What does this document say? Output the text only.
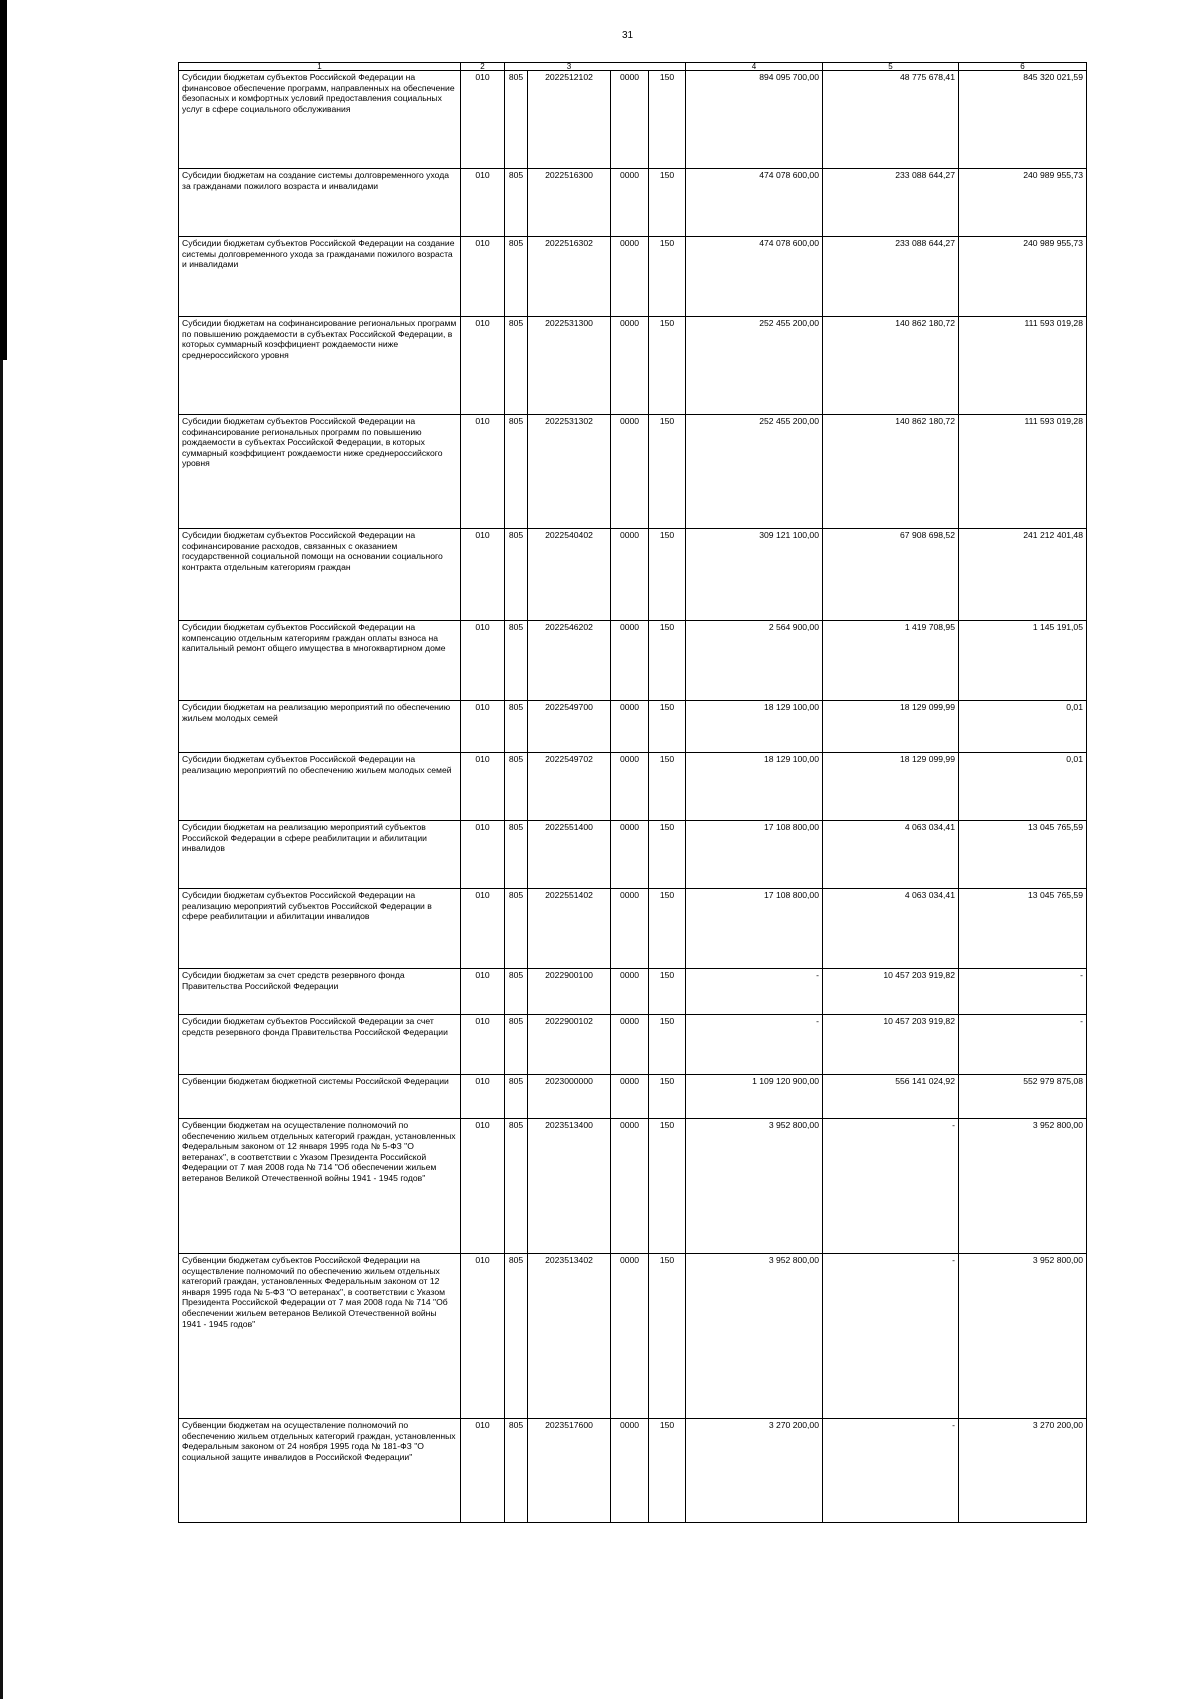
31
1	2		3			4	5	6
Субсидии бюджетам субъектов Российской Федерации на финансовое обеспечение программ, направленных на обеспечение безопасных и комфортных условий предоставления социальных услуг в сфере социального обслуживания	010	805	2022512102	0000	150	894 095 700,00	48 775 678,41	845 320 021,59
Субсидии бюджетам на создание системы долговременного ухода за гражданами пожилого возраста и инвалидами	010	805	2022516300	0000	150	474 078 600,00	233 088 644,27	240 989 955,73
Субсидии бюджетам субъектов Российской Федерации на создание системы долговременного ухода за гражданами пожилого возраста и инвалидами	010	805	2022516302	0000	150	474 078 600,00	233 088 644,27	240 989 955,73
Субсидии бюджетам на софинансирование региональных программ по повышению рождаемости в субъектах Российской Федерации, в которых суммарный коэффициент рождаемости ниже среднероссийского уровня	010	805	2022531300	0000	150	252 455 200,00	140 862 180,72	111 593 019,28
Субсидии бюджетам субъектов Российской Федерации на софинансирование региональных программ по повышению рождаемости в субъектах Российской Федерации, в которых суммарный коэффициент рождаемости ниже среднероссийского уровня	010	805	2022531302	0000	150	252 455 200,00	140 862 180,72	111 593 019,28
Субсидии бюджетам субъектов Российской Федерации на софинансирование расходов, связанных с оказанием государственной социальной помощи на основании социального контракта отдельным категориям граждан	010	805	2022540402	0000	150	309 121 100,00	67 908 698,52	241 212 401,48
Субсидии бюджетам субъектов Российской Федерации на компенсацию отдельным категориям граждан оплаты взноса на капитальный ремонт общего имущества в многоквартирном доме	010	805	2022546202	0000	150	2 564 900,00	1 419 708,95	1 145 191,05
Субсидии бюджетам на реализацию мероприятий по обеспечению жильем молодых семей	010	805	2022549700	0000	150	18 129 100,00	18 129 099,99	0,01
Субсидии бюджетам субъектов Российской Федерации на реализацию мероприятий по обеспечению жильем молодых семей	010	805	2022549702	0000	150	18 129 100,00	18 129 099,99	0,01
Субсидии бюджетам на реализацию мероприятий субъектов Российской Федерации в сфере реабилитации и абилитации инвалидов	010	805	2022551400	0000	150	17 108 800,00	4 063 034,41	13 045 765,59
Субсидии бюджетам субъектов Российской Федерации на реализацию мероприятий субъектов Российской Федерации в сфере реабилитации и абилитации инвалидов	010	805	2022551402	0000	150	17 108 800,00	4 063 034,41	13 045 765,59
Субсидии бюджетам за счет средств резервного фонда Правительства Российской Федерации	010	805	2022900100	0000	150	-	10 457 203 919,82	-
Субсидии бюджетам субъектов Российской Федерации за счет средств резервного фонда Правительства Российской Федерации	010	805	2022900102	0000	150	-	10 457 203 919,82	-
Субвенции бюджетам бюджетной системы Российской Федерации	010	805	2023000000	0000	150	1 109 120 900,00	556 141 024,92	552 979 875,08
Субвенции бюджетам на осуществление полномочий по обеспечению жильем отдельных категорий граждан, установленных Федеральным законом от 12 января 1995 года № 5-ФЗ "О ветеранах", в соответствии с Указом Президента Российской Федерации от 7 мая 2008 года № 714 "Об обеспечении жильем ветеранов Великой Отечественной войны 1941 - 1945 годов"	010	805	2023513400	0000	150	3 952 800,00	-	3 952 800,00
Субвенции бюджетам субъектов Российской Федерации на осуществление полномочий по обеспечению жильем отдельных категорий граждан, установленных Федеральным законом от 12 января 1995 года № 5-ФЗ "О ветеранах", в соответствии с Указом Президента Российской Федерации от 7 мая 2008 года № 714 "Об обеспечении жильем ветеранов Великой Отечественной войны 1941 - 1945 годов"	010	805	2023513402	0000	150	3 952 800,00	-	3 952 800,00
Субвенции бюджетам на осуществление полномочий по обеспечению жильем отдельных категорий граждан, установленных Федеральным законом от 24 ноября 1995 года № 181-ФЗ "О социальной защите инвалидов в Российской Федерации"	010	805	2023517600	0000	150	3 270 200,00	-	3 270 200,00
